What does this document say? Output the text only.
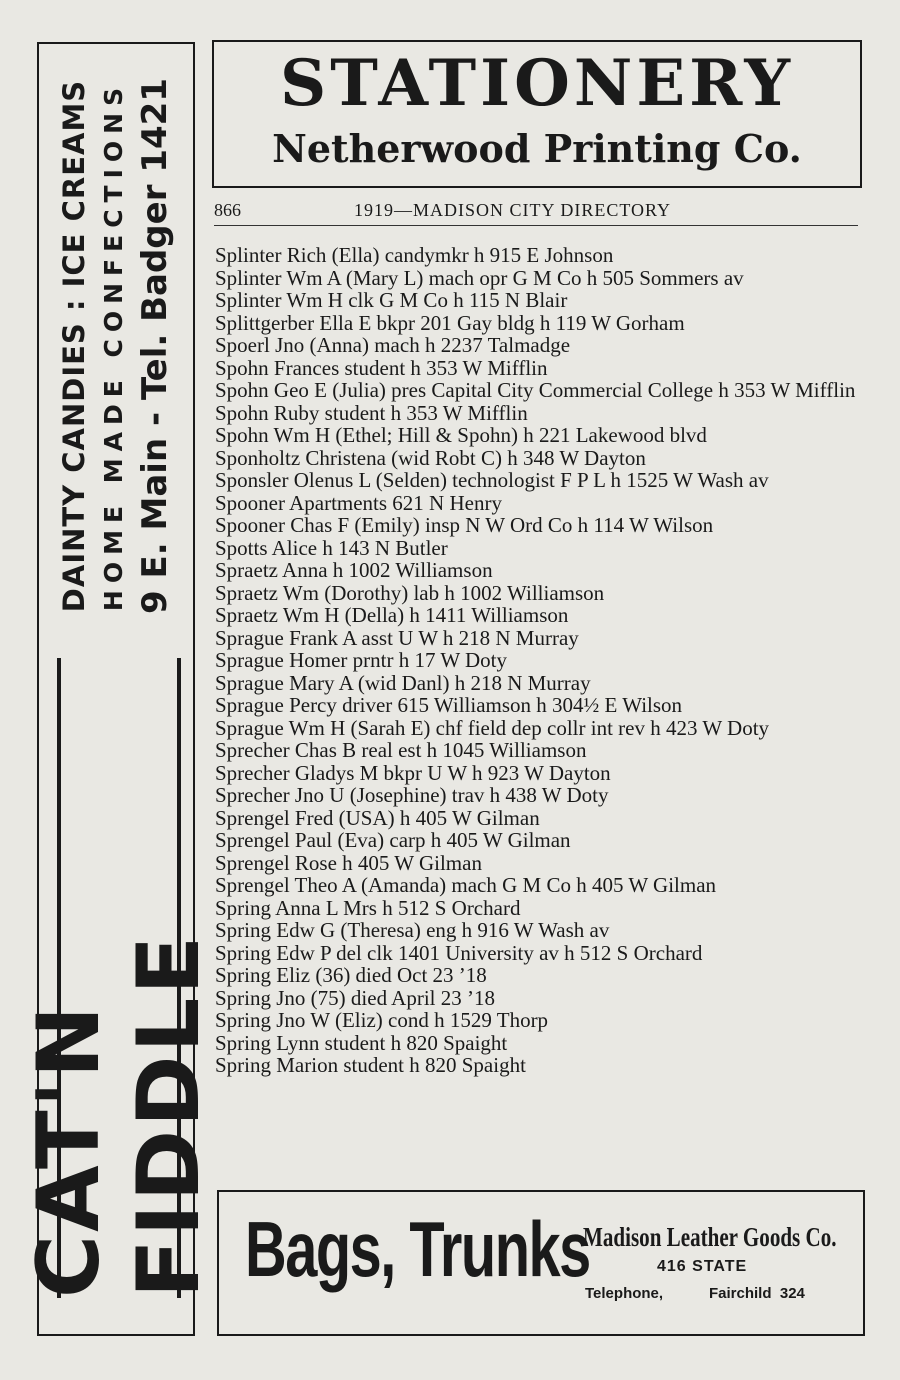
CAT'N FIDDLE
DAINTY CANDIES : ICE CREAMS HOME MADE CONFECTIONS 9 E. Main - Tel. Badger 1421	STATIONERY
Netherwood Printing Co.
866	1919—MADISON CITY DIRECTORY
Splinter Rich (Ella) candymkr h 915 E Johnson
Splinter Wm A (Mary L) mach opr G M Co h 505 Sommers av
Splinter Wm H clk G M Co h 115 N Blair
Splittgerber Ella E bkpr 201 Gay bldg h 119 W Gorham
Spoerl Jno (Anna) mach h 2237 Talmadge
Spohn Frances student h 353 W Mifflin
Spohn Geo E (Julia) pres Capital City Commercial College h 353 W Mifflin
Spohn Ruby student h 353 W Mifflin
Spohn Wm H (Ethel; Hill & Spohn) h 221 Lakewood blvd
Sponholtz Christena (wid Robt C) h 348 W Dayton
Sponsler Olenus L (Selden) technologist F P L h 1525 W Wash av
Spooner Apartments 621 N Henry
Spooner Chas F (Emily) insp N W Ord Co h 114 W Wilson
Spotts Alice h 143 N Butler
Spraetz Anna h 1002 Williamson
Spraetz Wm (Dorothy) lab h 1002 Williamson
Spraetz Wm H (Della) h 1411 Williamson
Sprague Frank A asst U W h 218 N Murray
Sprague Homer prntr h 17 W Doty
Sprague Mary A (wid Danl) h 218 N Murray
Sprague Percy driver 615 Williamson h 304½ E Wilson
Sprague Wm H (Sarah E) chf field dep collr int rev h 423 W Doty
Sprecher Chas B real est h 1045 Williamson
Sprecher Gladys M bkpr U W h 923 W Dayton
Sprecher Jno U (Josephine) trav h 438 W Doty
Sprengel Fred (USA) h 405 W Gilman
Sprengel Paul (Eva) carp h 405 W Gilman
Sprengel Rose h 405 W Gilman
Sprengel Theo A (Amanda) mach G M Co h 405 W Gilman
Spring Anna L Mrs h 512 S Orchard
Spring Edw G (Theresa) eng h 916 W Wash av
Spring Edw P del clk 1401 University av h 512 S Orchard
Spring Eliz (36) died Oct 23 ’18
Spring Jno (75) died April 23 ’18
Spring Jno W (Eliz) cond h 1529 Thorp
Spring Lynn student h 820 Spaight
Spring Marion student h 820 Spaight
Bags, Trunks
Madison Leather Goods Co.
416 STATE
Telephone,	Fairchild  324
